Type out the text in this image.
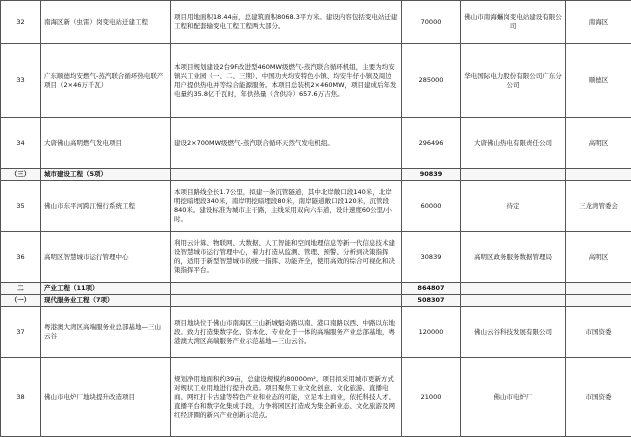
32	南海区新（虫雷）岗变电站迁建工程	项目用地面积18.44亩，总建筑面积8068.3平方米。建设内容包括变电站迁建工程和配套输变电工程工程两大部分。	70000	佛山市南海蠵岗变电站建设有限公司	南海区
33	广东顺德均安燃气-蒸汽联合循环热电联产项目（2×46万千瓦）	本项目规划建设2台9F改进型460MW级燃气-蒸汽联合循环机组，主要为均安镇兴工业园（一、二、三期）、中国功夫均安特色小镇、均安牛仔小镇及周边用户提供热电并等综合能源服务。本项目总装机2×460MW，项目建成后年发电量约35.8亿千瓦时，年供热量（含供冷）657.6万吉焦。	285000	华电国际电力股份有限公司广东分公司	顺德区
34	大唐佛山高明燃气发电项目	建设2×700MW级燃气-蒸汽联合循环天然气发电机组。	296496	大唐佛山热电有限责任公司	高明区
（三）	城市建设工程（5项）		90839		
35	佛山市东平河跨江慢行系统工程	本项目路线全长1.7公里，拟建一条沉管隧道，其中北岸敞口段140米，北岸明挖暗埋段340米，南岸明挖暗埋段80米，南岸隧道敞口段120米，沉管段840米。建设标准为城市主干路，主线采用双向六车道，设计速度60公里/小时。	60000	待定	三龙湾管委会
36	高明区智慧城市运行管理中心	利用云计算、物联网、大数据、人工智能和空间地理信息等新一代信息技术建设智慧城市运行管理中心，着力打造从监测、管理、预警、分析到决策指挥的，适用于新型智慧城市的统一指挥、功能齐全，使用高效的综合可视化和决策指挥平台。	30839	高明区政务服务数据管理局	高明区
二	产业工程（11项）		864807		
（一）	现代服务业工程（7项）		508307		
37	粤港澳大湾区高端服务业总部基地—三山云谷	项目地块位于佛山市南海区三山新城魁奇路以南、港口南路以西、中路以东地段。致力打造集数字化、资本化、专业化于一体的高端服务产业总部基地，粤港澳大湾区高端服务产业示范基地—三山云谷。	120000	佛山云谷科技发展有限公司	市国资委
38	佛山市电炉厂地块提升改造项目	规划净用地面积约39亩，总建设规模约80000m²。项目拟采用城市更新方式对规状工业用地进行提升改造。项目聚焦工业文化创意、文化旅游、直播电商、网红打卡古建等特色产业和业态的可能，立足本土商业，依托科技人才、直播平台和数字化集成手段，力争将园区打造成为集全新业态、文化旅游及网红经济圈的新兴产业创新示范点。	21000	佛山市电炉厂	市国资委
